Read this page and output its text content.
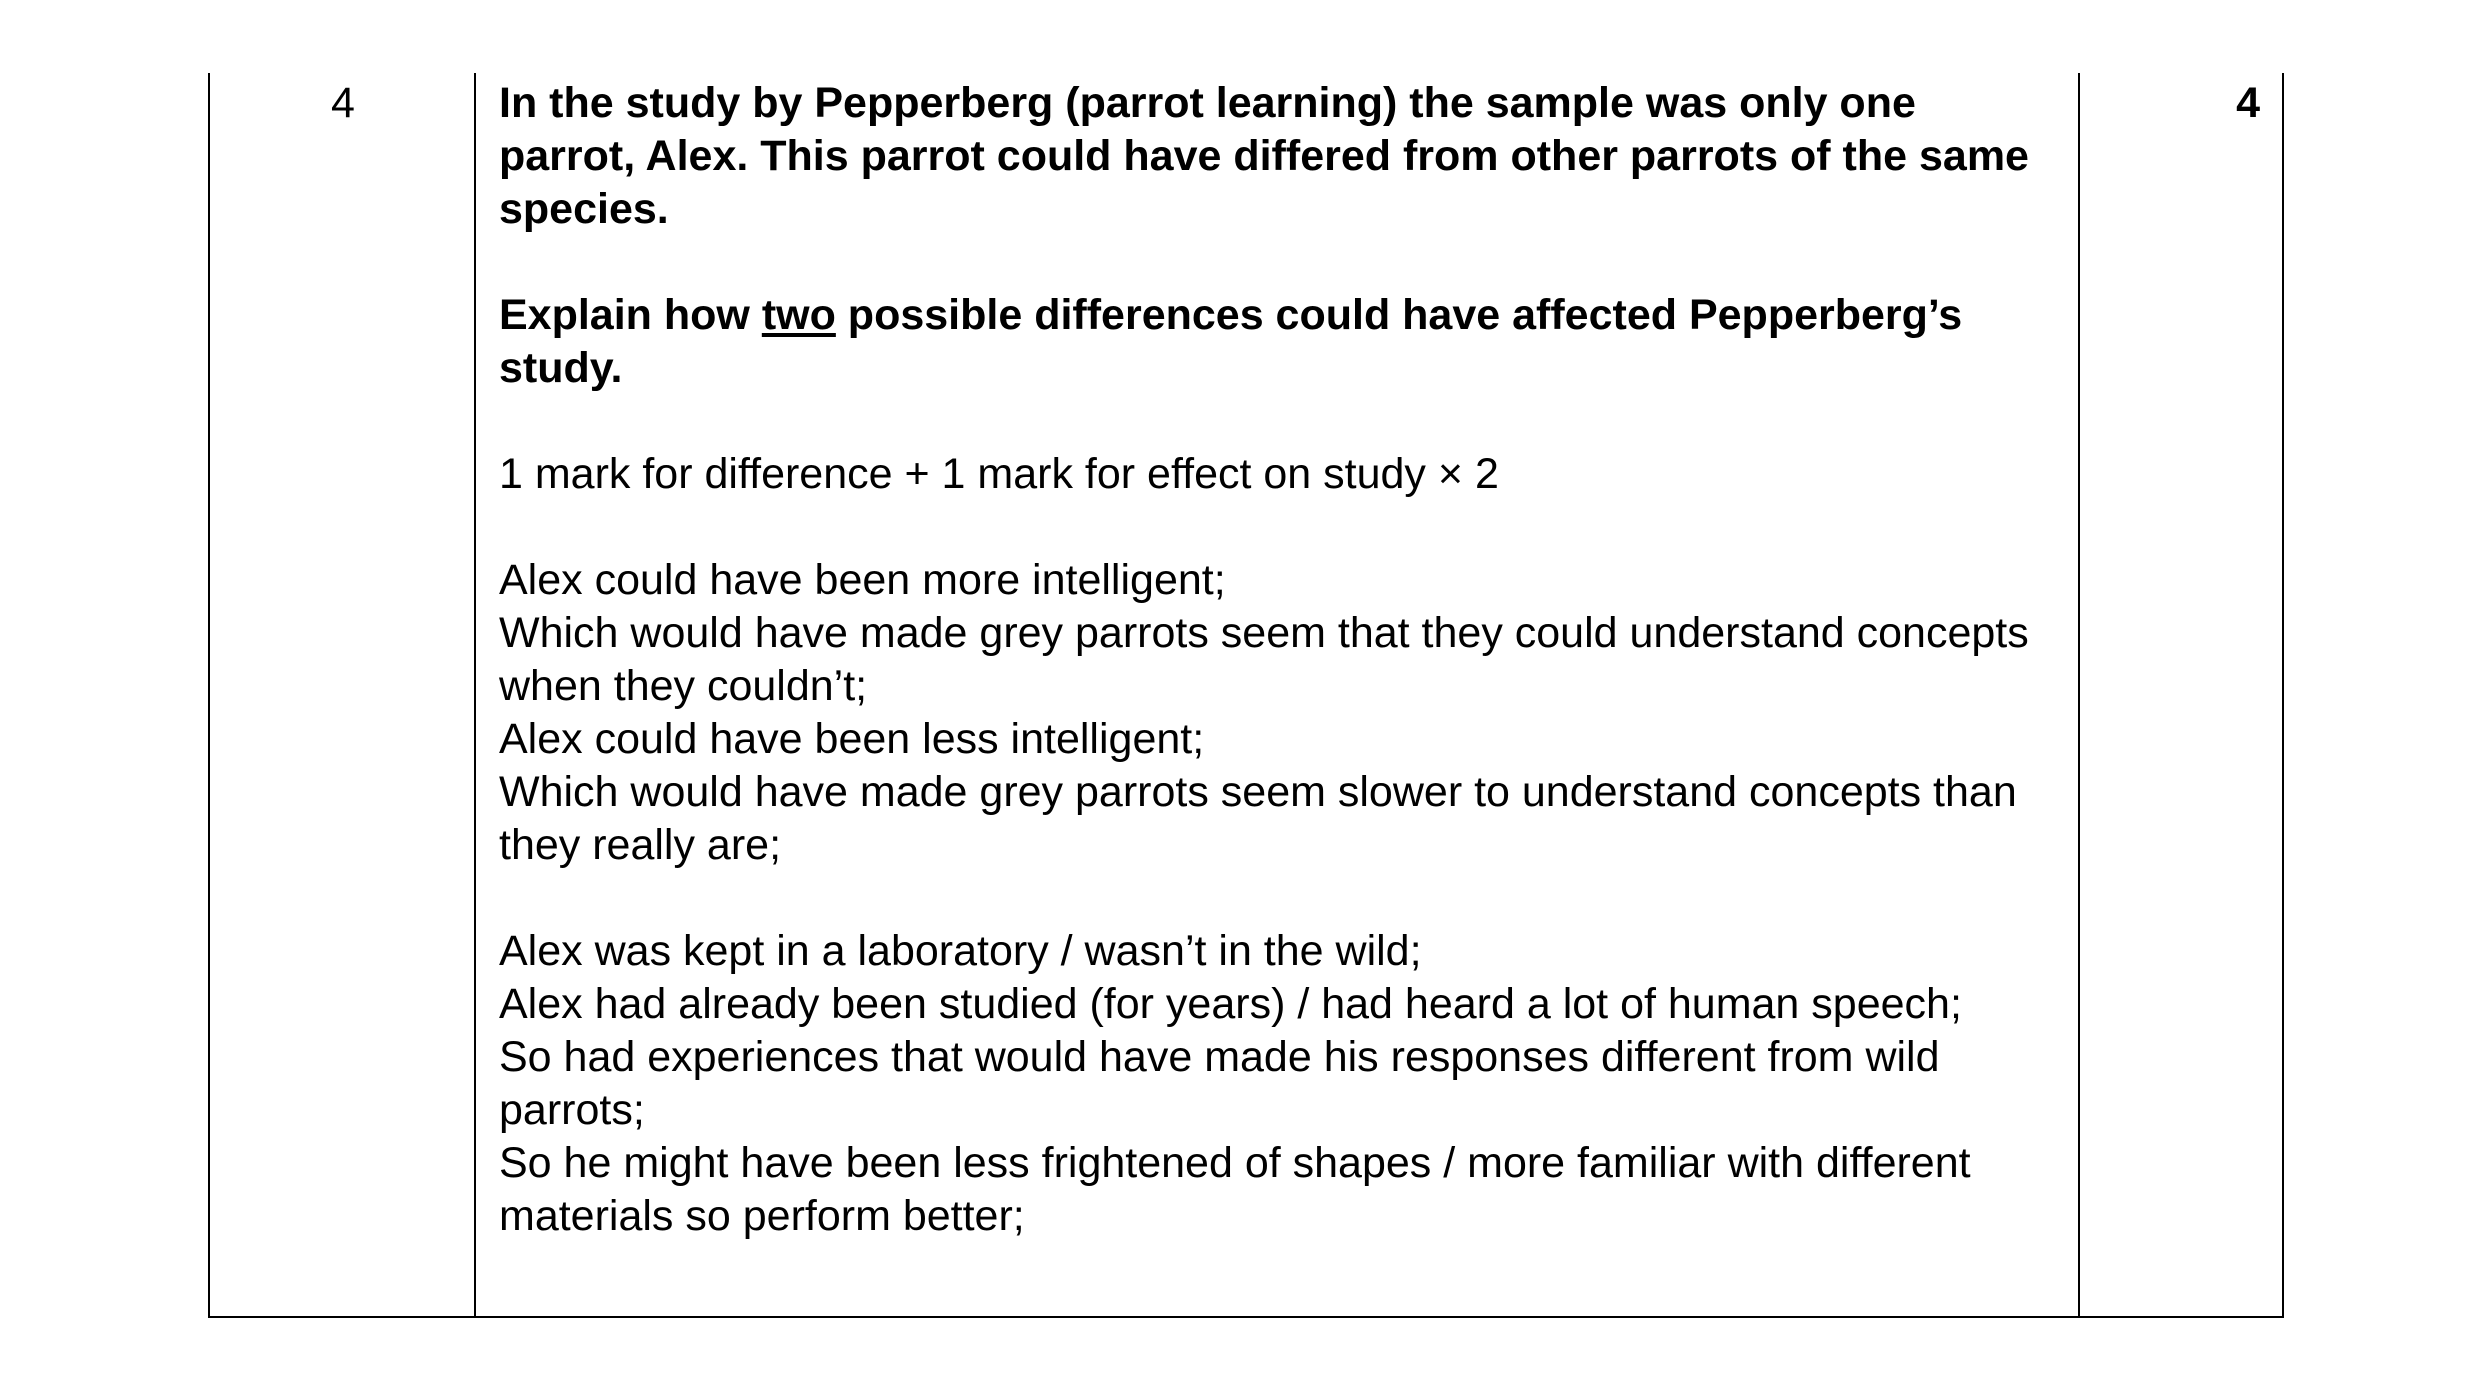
4	In the study by Pepperberg (parrot learning) the sample was only one parrot, Alex. This parrot could have differed from other parrots of the same species.

Explain how two possible differences could have affected Pepperberg’s study.

1 mark for difference + 1 mark for effect on study × 2

Alex could have been more intelligent;

Which would have made grey parrots seem that they could understand concepts when they couldn’t;

Alex could have been less intelligent;

Which would have made grey parrots seem slower to understand concepts than they really are;

Alex was kept in a laboratory / wasn’t in the wild;

Alex had already been studied (for years) / had heard a lot of human speech;

So had experiences that would have made his responses different from wild parrots;

So he might have been less frightened of shapes / more familiar with different materials so perform better;

4
